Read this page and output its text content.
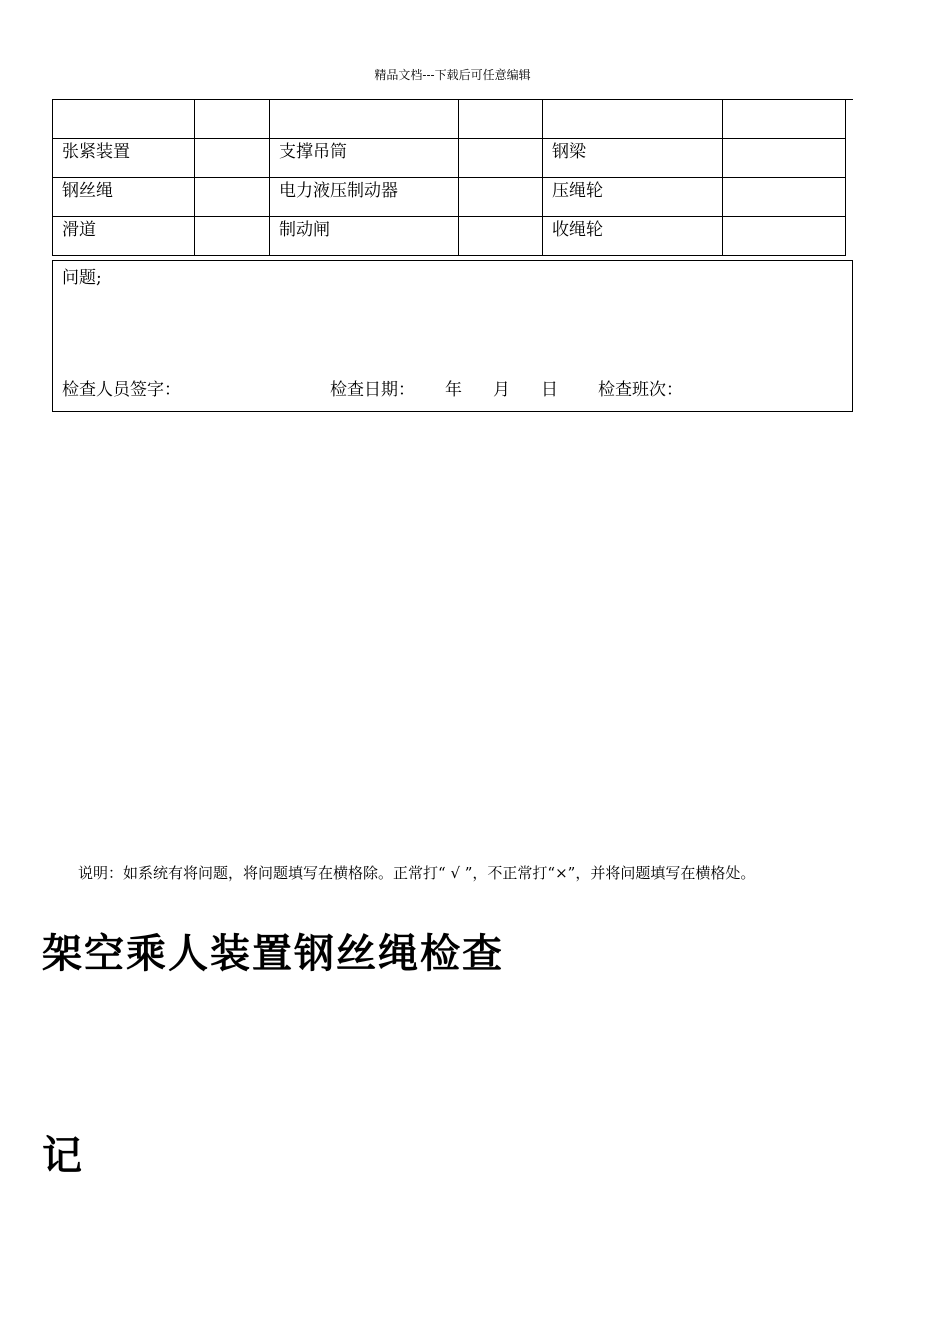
精品文档---下载后可任意编辑

张紧装置		支撑吊筒		钢梁	
钢丝绳		电力液压制动器		压绳轮	
滑道		制动闸		收绳轮	
问题;
检查人员签字：	检查日期： 年 月 日 检查班次：
说明：如系统有将问题，将问题填写在横格除。正常打“ √ ”，不正常打“×”，并将问题填写在横格处。
架空乘人装置钢丝绳检查
记
